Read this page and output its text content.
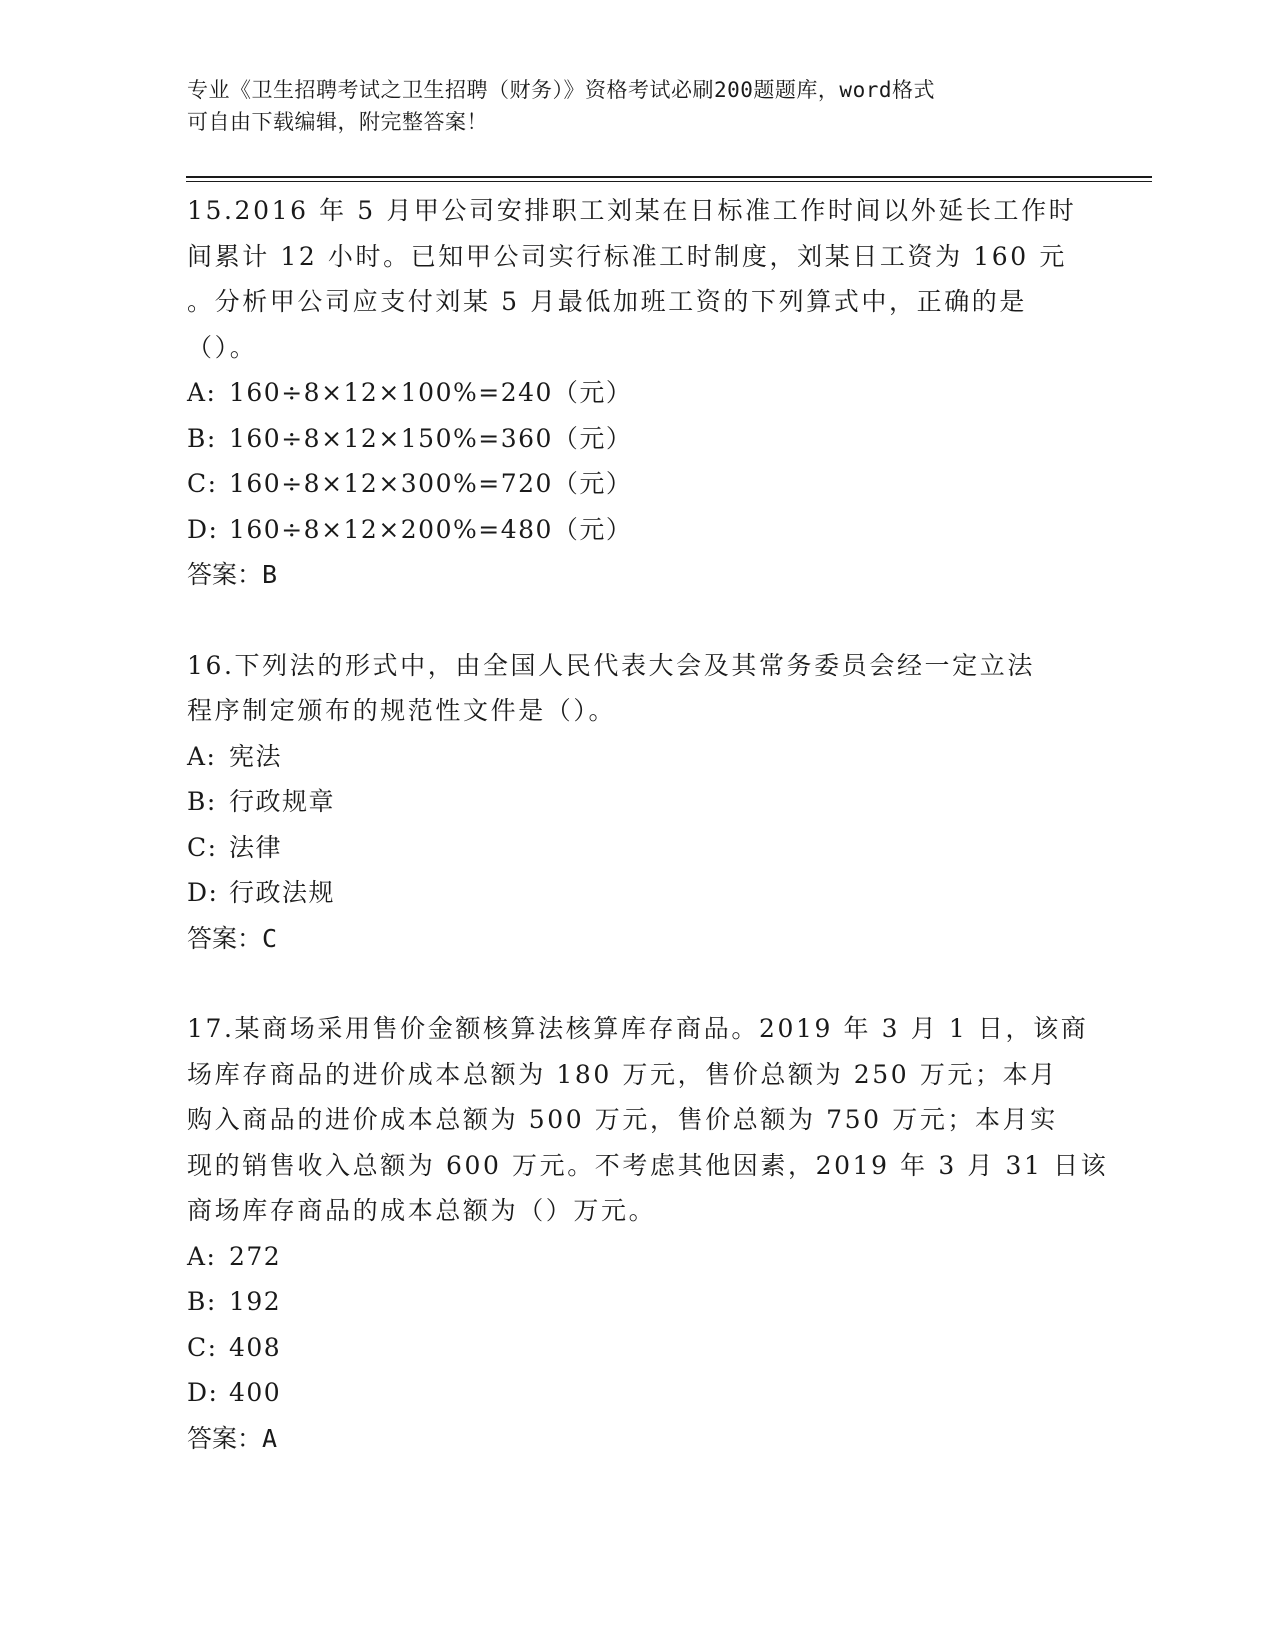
专业《卫生招聘考试之卫生招聘（财务）》资格考试必刷200题题库，word格式

可自由下载编辑，附完整答案！

15.2016 年 5 月甲公司安排职工刘某在日标准工作时间以外延长工作时

间累计 12 小时。已知甲公司实行标准工时制度，刘某日工资为 160 元

。分析甲公司应支付刘某 5 月最低加班工资的下列算式中，正确的是

（）。

A: 160÷8×12×100%=240（元）

B: 160÷8×12×150%=360（元）

C: 160÷8×12×300%=720（元）

D: 160÷8×12×200%=480（元）

答案：B

16.下列法的形式中，由全国人民代表大会及其常务委员会经一定立法

程序制定颁布的规范性文件是（）。

A: 宪法

B: 行政规章

C: 法律

D: 行政法规

答案：C

17.某商场采用售价金额核算法核算库存商品。2019 年 3 月 1 日，该商

场库存商品的进价成本总额为 180 万元，售价总额为 250 万元；本月

购入商品的进价成本总额为 500 万元，售价总额为 750 万元；本月实

现的销售收入总额为 600 万元。不考虑其他因素，2019 年 3 月 31 日该

商场库存商品的成本总额为（）万元。

A: 272

B: 192

C: 408

D: 400

答案：A
